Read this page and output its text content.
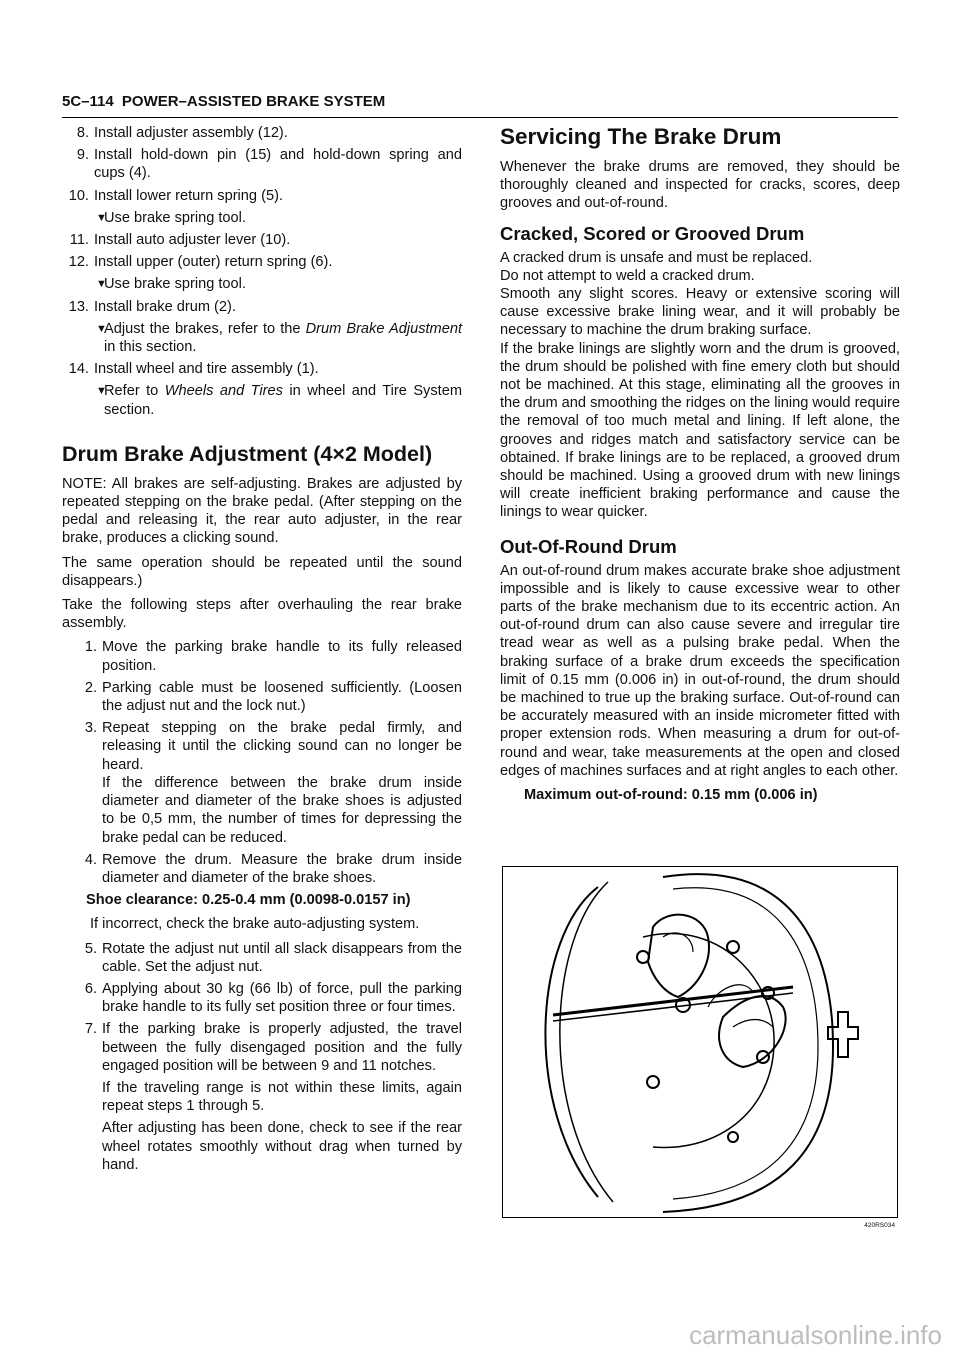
5C–114 POWER–ASSISTED BRAKE SYSTEM
8. Install adjuster assembly (12).
9. Install hold-down pin (15) and hold-down spring and cups (4).
10. Install lower return spring (5).
▼
Use brake spring tool.
11. Install auto adjuster lever (10).
12. Install upper (outer) return spring (6).
▼
Use brake spring tool.
13. Install brake drum (2).
▼
Adjust the brakes, refer to the Drum Brake Adjustment in this section.
14. Install wheel and tire assembly (1).
▼
Refer to Wheels and Tires in wheel and Tire System section.
Drum Brake Adjustment (4×2 Model)

NOTE: All brakes are self-adjusting. Brakes are adjusted by repeated stepping on the brake pedal. (After stepping on the pedal and releasing it, the rear auto adjuster, in the rear brake, produces a clicking sound.

The same operation should be repeated until the sound disappears.)

Take the following steps after overhauling the rear brake assembly.

1. Move the parking brake handle to its fully released position.
2. Parking cable must be loosened sufficiently. (Loosen the adjust nut and the lock nut.)
3. Repeat stepping on the brake pedal firmly, and releasing it until the clicking sound can no longer be heard.

If the difference between the brake drum inside diameter and diameter of the brake shoes is adjusted to be 0,5 mm, the number of times for depressing the brake pedal can be reduced.

4. Remove the drum. Measure the brake drum inside diameter and diameter of the brake shoes.

Shoe clearance: 0.25-0.4 mm (0.0098-0.0157 in)

If incorrect, check the brake auto-adjusting system.

5. Rotate the adjust nut until all slack disappears from the cable. Set the adjust nut.
6. Applying about 30 kg (66 lb) of force, pull the parking brake handle to its fully set position three or four times.
7. If the parking brake is properly adjusted, the travel between the fully disengaged position and the fully engaged position will be between 9 and 11 notches.

If the traveling range is not within these limits, again repeat steps 1 through 5.

After adjusting has been done, check to see if the rear wheel rotates smoothly without drag when turned by hand.

Servicing The Brake Drum

Whenever the brake drums are removed, they should be thoroughly cleaned and inspected for cracks, scores, deep grooves and out-of-round.

Cracked, Scored or Grooved Drum

A cracked drum is unsafe and must be replaced.

Do not attempt to weld a cracked drum.

Smooth any slight scores. Heavy or extensive scoring will cause excessive brake lining wear, and it will probably be necessary to machine the drum braking surface.

If the brake linings are slightly worn and the drum is grooved, the drum should be polished with fine emery cloth but should not be machined. At this stage, eliminating all the grooves in the drum and smoothing the ridges on the lining would require the removal of too much metal and lining. If left alone, the grooves and ridges match and satisfactory service can be obtained. If brake linings are to be replaced, a grooved drum should be machined. Using a grooved drum with new linings will create inefficient braking performance and cause the linings to wear quicker.

Out-Of-Round Drum

An out-of-round drum makes accurate brake shoe adjustment impossible and is likely to cause excessive wear to other parts of the brake mechanism due to its eccentric action. An out-of-round drum can also cause severe and irregular tire tread wear as well as a pulsing brake pedal. When the braking surface of a brake drum exceeds the specification limit of 0.15 mm (0.006 in) in out-of-round, the drum should be machined to true up the braking surface. Out-of-round can be accurately measured with an inside micrometer fitted with proper extension rods. When measuring a drum for out-of-round and wear, take measurements at the open and closed edges of machines surfaces and at right angles to each other.

Maximum out-of-round: 0.15 mm (0.006 in)

420RS034
carmanualsonline.info
